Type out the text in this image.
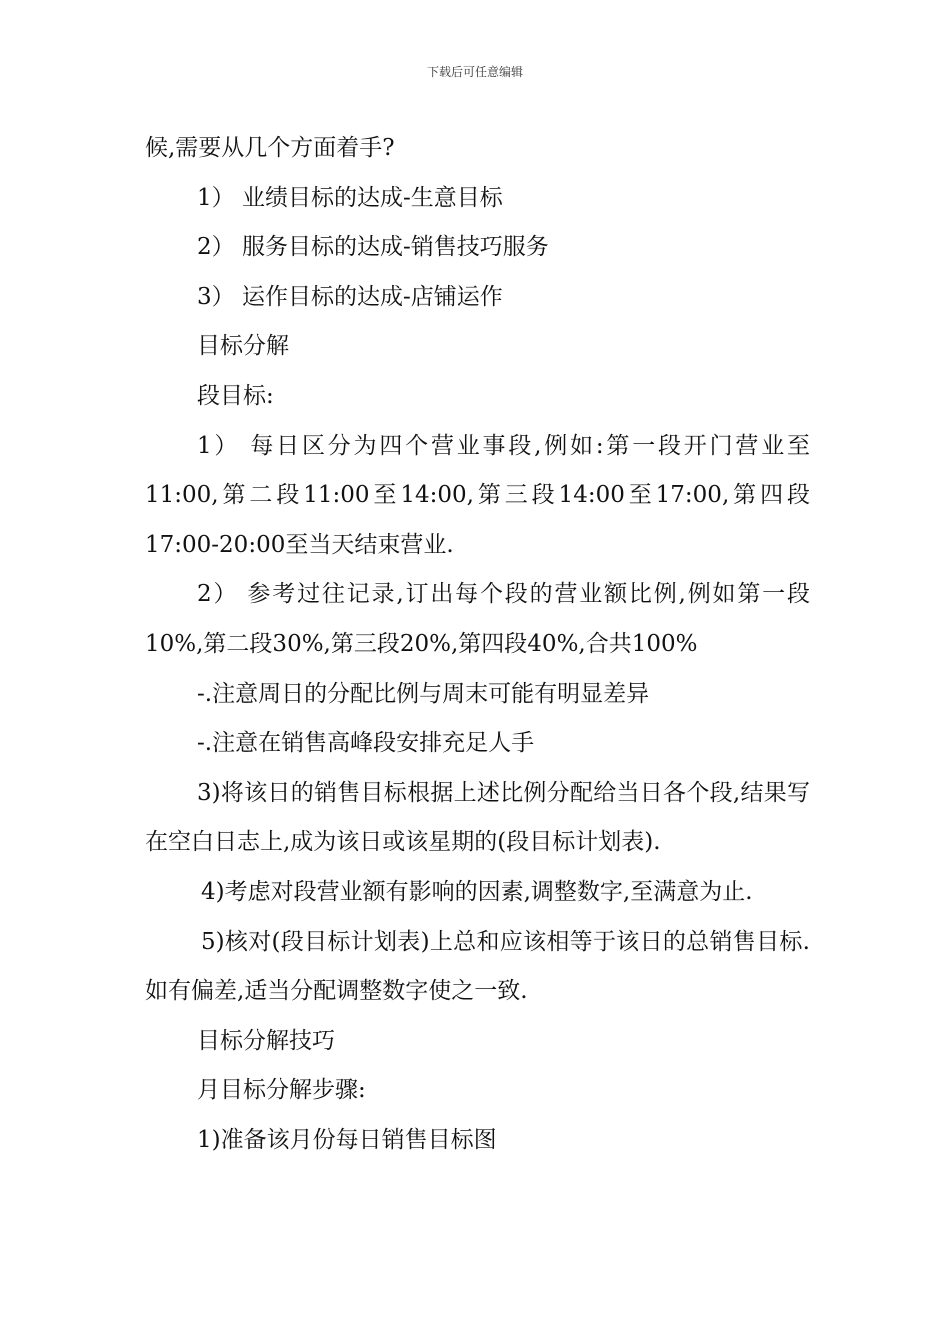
下载后可任意编辑

候,需要从几个方面着手?

1） 业绩目标的达成-生意目标

2） 服务目标的达成-销售技巧服务

3） 运作目标的达成-店铺运作

目标分解

段目标:

1） 每日区分为四个营业事段,例如:第一段开门营业至11:00,第二段11:00至14:00,第三段14:00至17:00,第四段17:00-20:00至当天结束营业.

2） 参考过往记录,订出每个段的营业额比例,例如第一段10%,第二段30%,第三段20%,第四段40%,合共100%

-.注意周日的分配比例与周末可能有明显差异

-.注意在销售高峰段安排充足人手

3)将该日的销售目标根据上述比例分配给当日各个段,结果写在空白日志上,成为该日或该星期的(段目标计划表).

4)考虑对段营业额有影响的因素,调整数字,至满意为止.

5)核对(段目标计划表)上总和应该相等于该日的总销售目标.如有偏差,适当分配调整数字使之一致.

目标分解技巧

月目标分解步骤:

1)准备该月份每日销售目标图
